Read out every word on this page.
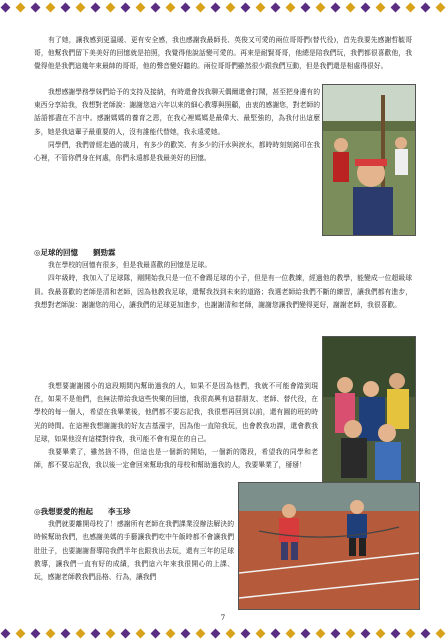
有了她，讓我感到更溫暖、更有安全感，我也感謝我最師長、英俊又可愛的兩位哥哥們(替代役)，首先我要先感謝哲毓哥哥，他幫我們留下美美好的回憶就是拍照，我覺得他說話變可愛的。再來是耐賢哥哥，他總是陪我們玩，我們都很喜歡他，我覺得他是我們這幾年來最帥的哥哥，他的聲音變好聽的。兩位哥哥們雖然很少跟我們互動，但是我們還是相處得很好。

我想感謝學務學妹們給予的支持及接納，有時還會找我聊天偶爾還會打鬧，甚至把身邊有的東西分享給我，我想對老師說：謝謝您這六年以來的細心教導與照顧，由衷的感謝您，對老師的話語都盡在不言中。感謝媽媽的養育之恩，在我心裡媽媽是最偉大、最堅強的，為我付出這麼多，她是我這輩子最重要的人，沒有誰能代替她，我永遠愛她。

同學們，我們曾經走過的歲月，有多少的歡笑、有多少的汗水與淚水，都時時刻刻銘印在我心裡，不管你們身在何處，你們永遠都是我最美好的回憶。

◎足球的回憶　　劉勁霖

我在學校的回憶有很多，但是我最喜歡的回憶是足球。

四年級時，我加入了足球隊，剛開始我只是一位不會踢足球的小子，但是有一位教練，經過他的教學，能變成一位超級球員。我最喜歡的老師是清和老師，因為他教我足球，還幫我找到未來的道路；我選老師給我們不斷的練習，讓我們都有進步，我想對老師說：謝謝您的用心，讓我們的足球更加進步，也謝謝清和老師，謝謝您讓我們變得更好，謝謝老師，我很喜歡。

我想要謝謝國小的這段期間內幫助過我的人，如果不是因為他們，我就不可能會踏到現在，如果不是他們，也無法帶給我這些快樂的回憶，我很高興有這群朋友、老師、替代役，在學校的每一個人，希望在我畢業後，他們都不要忘記我，我很想再回到以前，還有圓的班的時光的時間。在這裡我想謝謝我的好友吉基濠宇，因為他一直陪我玩，也會教我功課，還會教我足球，如果他沒有這樣對待我，我可能不會有現在的自己。

我要畢業了，雖然捨不得，但這也是一個新的開始，一個新的階段，希望我的同學和老師，都不要忘記我，我以後一定會回來幫助我的母校和幫助過我的人，我要畢業了，掰掰！

◎我想要愛的抱起　　李玉珍

我們就要離開母校了！感謝所有老師在我們課業沒辦法解決的時候幫助我們，也感謝美媽的手藝讓我們吃中午飯時都不會讓我們肚肚子，也要謝謝督導陪我們半年也跟我出去玩，還有三年的足球教導，讓我們一直有好的成績，我們這六年來我很開心的上課、玩，感謝老師教我們品格、行為，讓我們

7
